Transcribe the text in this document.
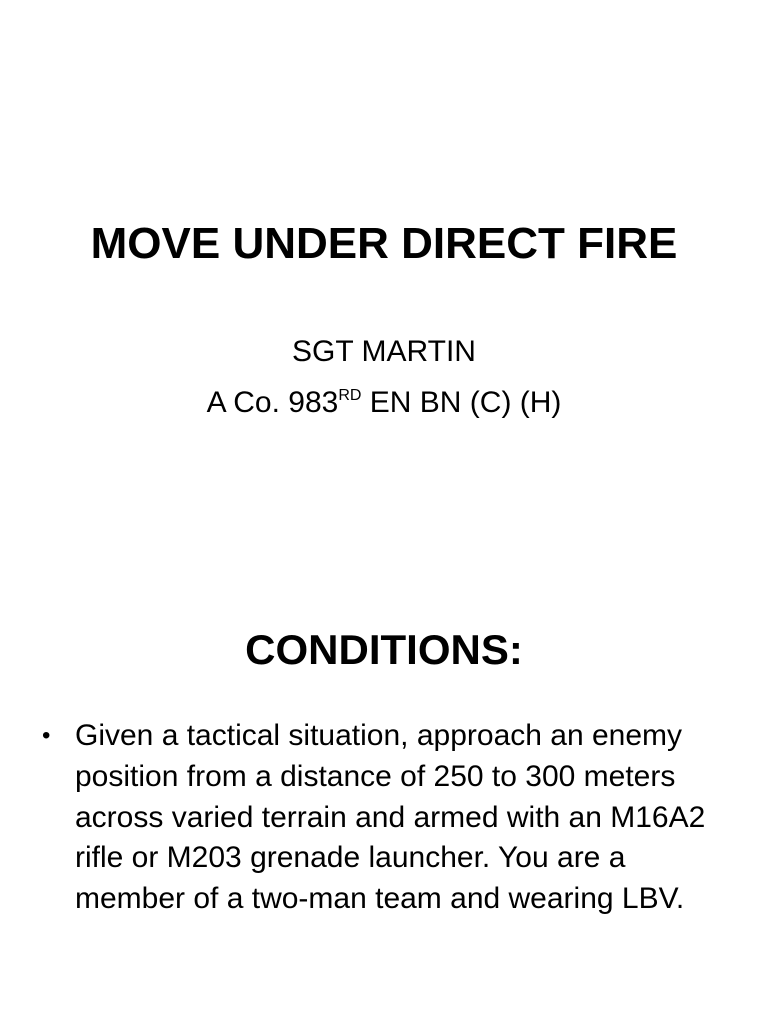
MOVE UNDER DIRECT FIRE
SGT MARTIN
A Co. 983RD EN BN (C) (H)
CONDITIONS:
• Given a tactical situation, approach an enemy position from a distance of 250 to 300 meters across varied terrain and armed with an M16A2 rifle or M203 grenade launcher. You are a member of a two-man team and wearing LBV.
